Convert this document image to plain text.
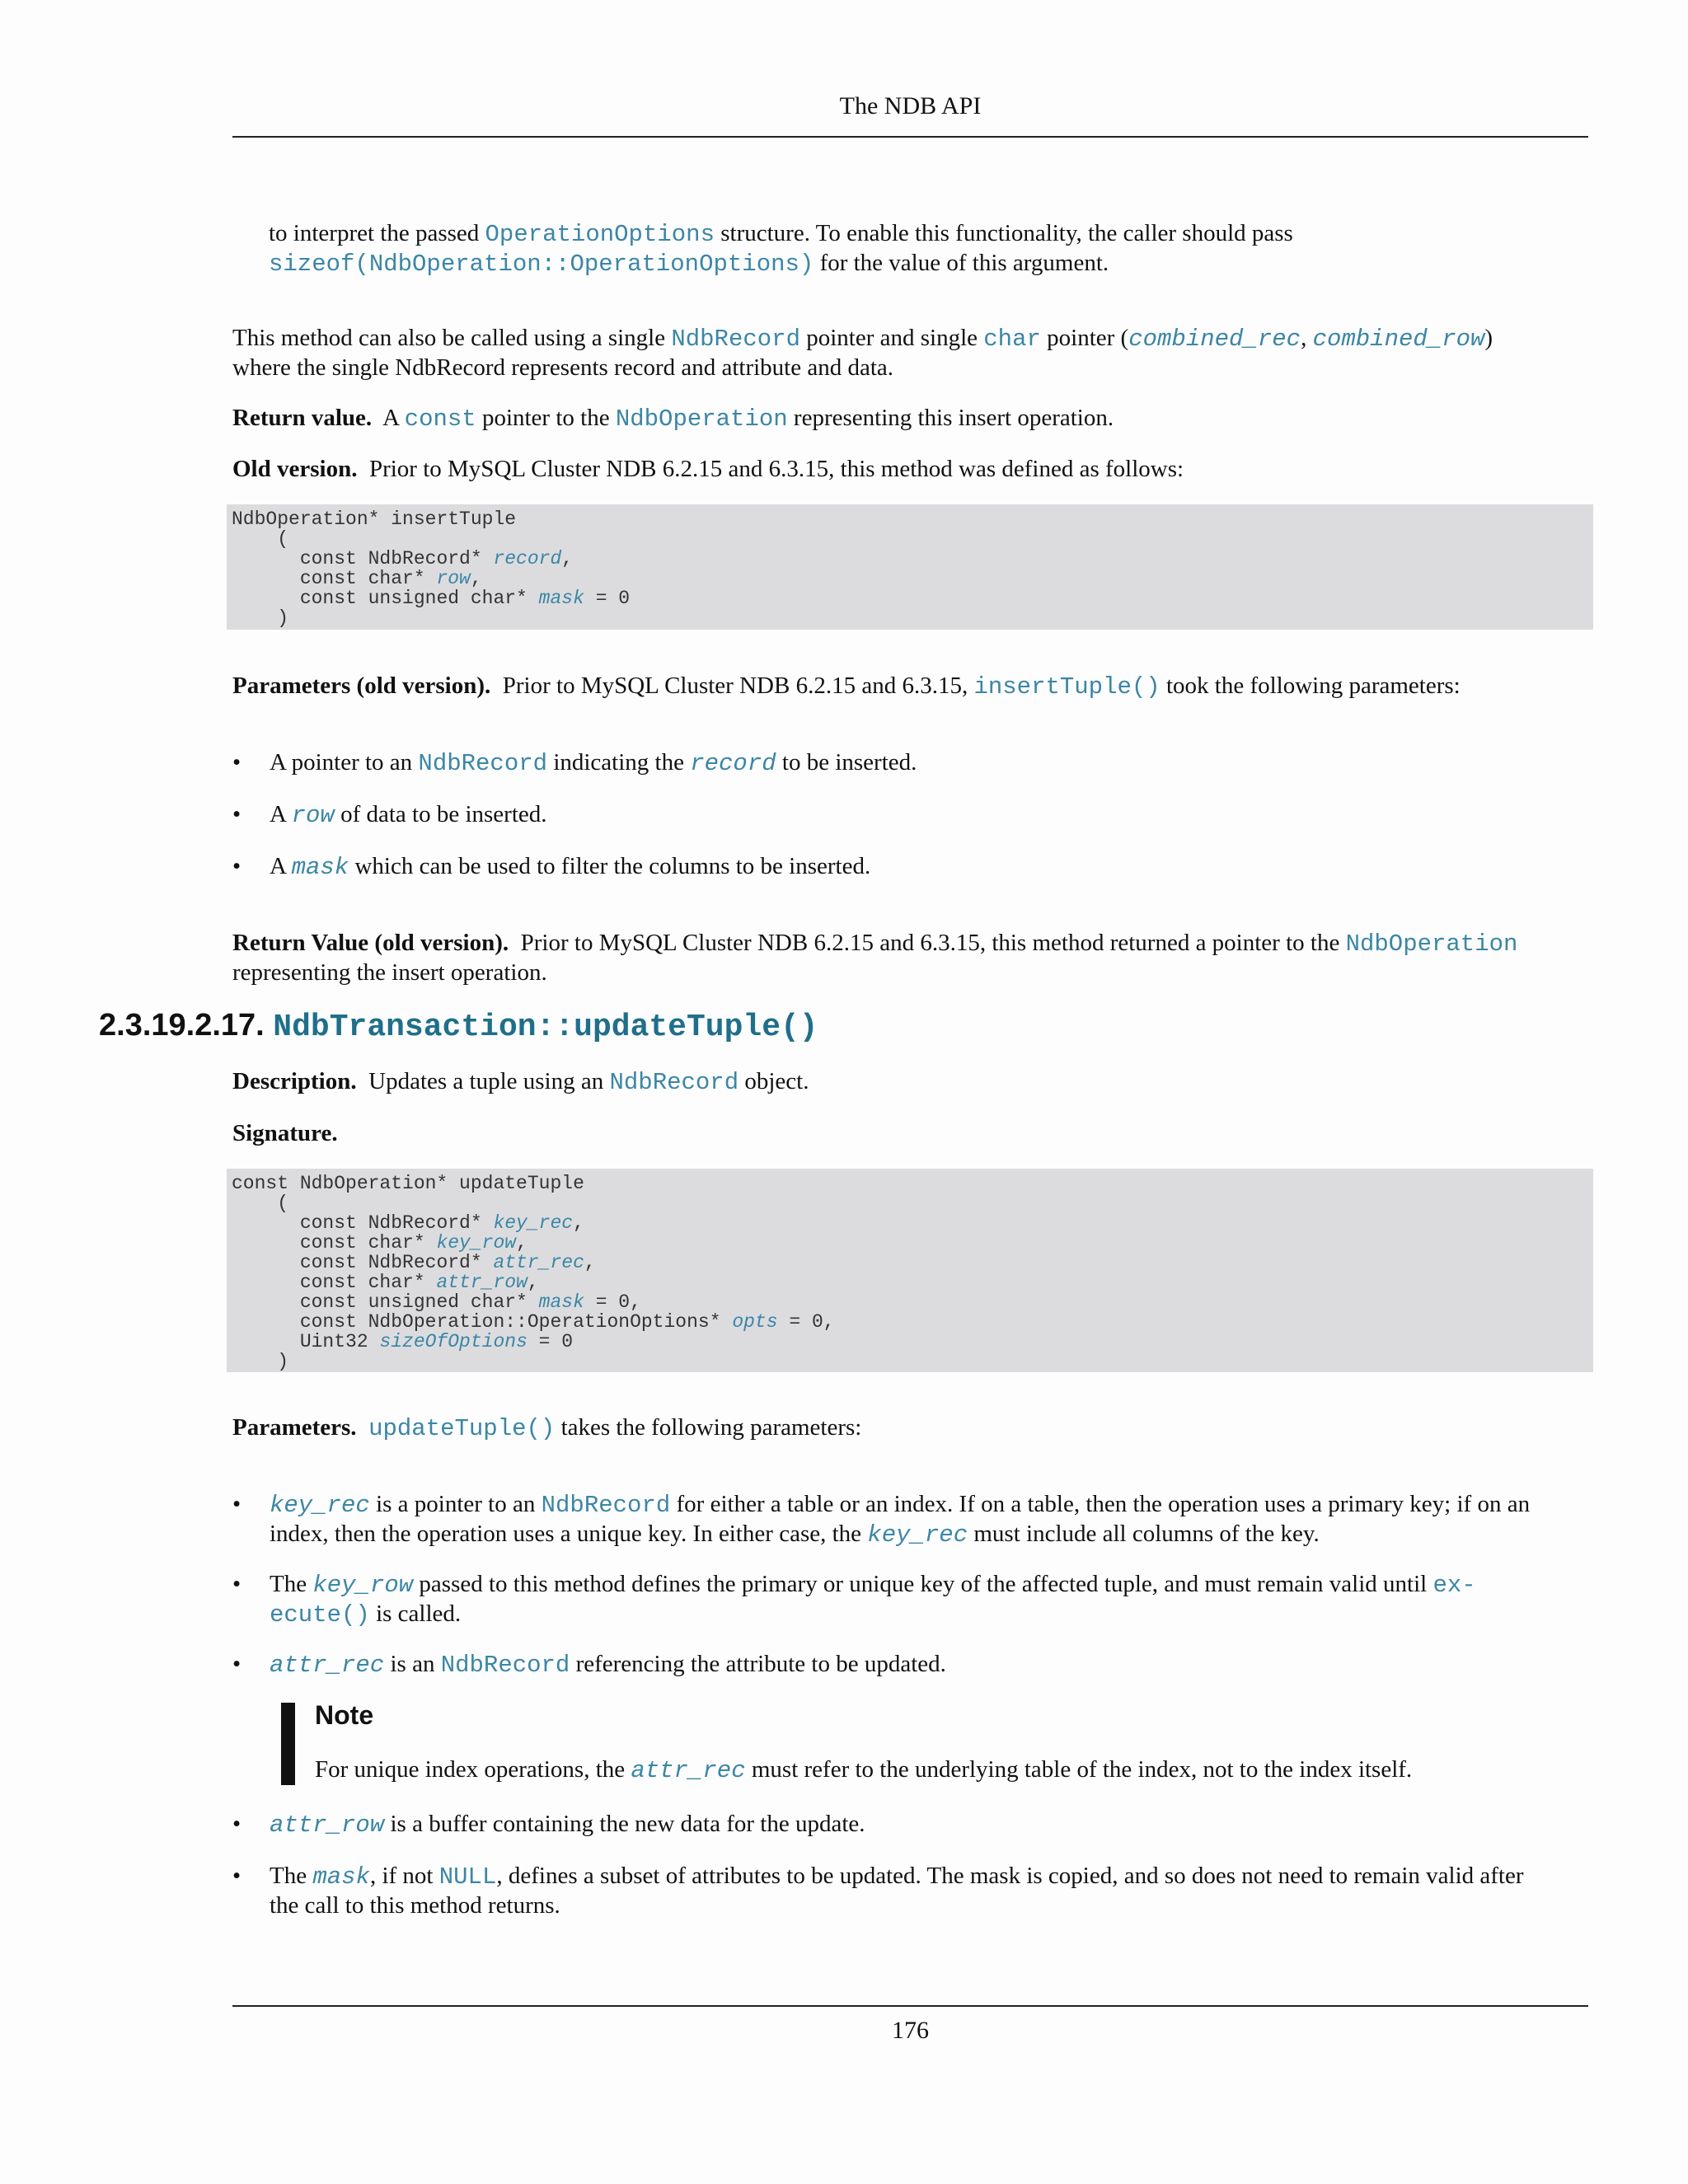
The NDB API

to interpret the passed OperationOptions structure. To enable this functionality, the caller should pass
sizeof(NdbOperation::OperationOptions) for the value of this argument.

This method can also be called using a single NdbRecord pointer and single char pointer (combined_rec, combined_row)
where the single NdbRecord represents record and attribute and data.

Return value.  A const pointer to the NdbOperation representing this insert operation.

Old version.  Prior to MySQL Cluster NDB 6.2.15 and 6.3.15, this method was defined as follows:

NdbOperation* insertTuple
(
const NdbRecord* record,
const char* row,
const unsigned char* mask = 0
)

Parameters (old version).  Prior to MySQL Cluster NDB 6.2.15 and 6.3.15, insertTuple() took the following parameters:

• A pointer to an NdbRecord indicating the record to be inserted.
• A row of data to be inserted.
• A mask which can be used to filter the columns to be inserted.

Return Value (old version).  Prior to MySQL Cluster NDB 6.2.15 and 6.3.15, this method returned a pointer to the NdbOperation
representing the insert operation.

2.3.19.2.17. NdbTransaction::updateTuple()

Description.  Updates a tuple using an NdbRecord object.

Signature.

const NdbOperation* updateTuple
(
const NdbRecord* key_rec,
const char* key_row,
const NdbRecord* attr_rec,
const char* attr_row,
const unsigned char* mask = 0,
const NdbOperation::OperationOptions* opts = 0,
Uint32 sizeOfOptions = 0
)

Parameters. updateTuple() takes the following parameters:

• key_rec is a pointer to an NdbRecord for either a table or an index. If on a table, then the operation uses a primary key; if on an
index, then the operation uses a unique key. In either case, the key_rec must include all columns of the key.
• The key_row passed to this method defines the primary or unique key of the affected tuple, and must remain valid until ex-
ecute() is called.
• attr_rec is an NdbRecord referencing the attribute to be updated.
Note
For unique index operations, the attr_rec must refer to the underlying table of the index, not to the index itself.
• attr_row is a buffer containing the new data for the update.
• The mask, if not NULL, defines a subset of attributes to be updated. The mask is copied, and so does not need to remain valid after
the call to this method returns.
176
